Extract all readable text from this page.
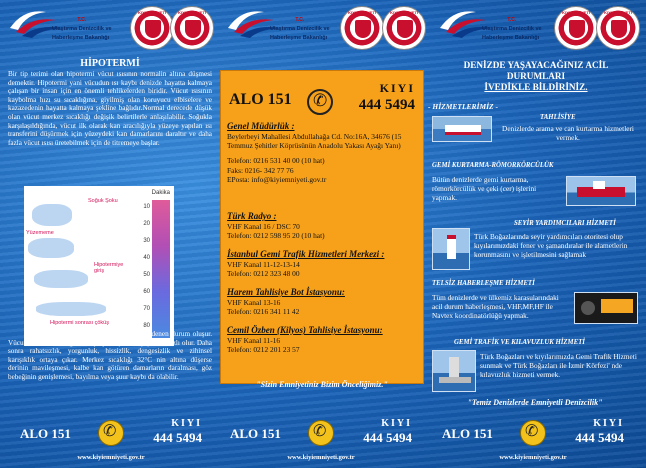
T.C.
Ulaştırma Denizcilik ve
Haberleşme Bakanlığı
KIYI EMNİYETİ	KIYI EMNİYETİ
T.C.
Ulaştırma Denizcilik ve
Haberleşme Bakanlığı
KIYI EMNİYETİ	KIYI EMNİYETİ
T.C.
Ulaştırma Denizcilik ve
Haberleşme Bakanlığı
KIYI EMNİYETİ	KIYI EMNİYETİ
HİPOTERMİ
Bir tip terimi olan hipotermi vücut ısısının normalin altına düşmesi demektir. Hipotermi yani vücudun ısı kaybı denizde hayatta kalmaya çalışan bir insan için en önemli tehlikelerden biridir. Vücut ısısının kaybolma hızı su sıcaklığına, giyilmiş olan koruyucu elbiselere ve kazazedenin hayatta kalmaya şekline bağlıdır.Normal derecede düşük olan vücut merkez sıcaklığı değişik belirtilerle anlaşılabilir. Soğukla karşılaşıldığında, vücut ilk olarak kan aracılığıyla yüzeye yapılan ısı transferini düşürmek için yüzeydeki kan damarlarını daraltır ve daha fazla vücut ısısı üretebilmek için de titremeye başlar.
Dakika
10
20
30
40
50
60
70
80
Soğuk Şoku
Yüzememe
Hipotermiye giriş
Hipotermi sonrası çöküş
Vücut merkez sıcaklığı düşerse hipotermi denen durum oluşur. Vücut merkez sıcaklığı 35°C ye yaklaşırsa düşüş daha hızlı olur. Daha sonra rahatsızlık, yorgunluk, hissizlik, dengesizlik ve zihinsel karışıklık ortaya çıkar. Merkez sıcaklığı 32°C nin altına düşerse derinin mavileşmesi, kalbe kan götüren damarların daralması, göz bebeğinin genişlemesi, bayılma veya şuur kaybı da olabilir.
ALO 151
✆
KIYI
444 5494
Genel Müdürlük :
Beylerbeyi Mahallesi Abdullahağa Cd. No:16A, 34676 (15 Temmuz Şehitler Köprüsünün Anadolu Yakası Ayağı Yanı)
Telefon: 0216 531 40 00 (10 hat)
Faks: 0216- 342 77 76
EPosta: info@kiyiemniyeti.gov.tr
Türk Radyo :
VHF Kanal 16 / DSC 70
Telefon: 0212 598 95 20 (10 hat)
İstanbul Gemi Trafik Hizmetleri Merkezi :
VHF Kanal 11-12-13-14
Telefon: 0212 323 48 00
Harem Tahlisiye Bot İstasyonu:
VHF Kanal 13-16
Telefon: 0216 341 11 42
Cemil Özben (Kilyos) Tahlisiye İstasyonu:
VHF Kanal 11-16
Telefon: 0212 201 23 57
"Sizin Emniyetiniz Bizim Önceliğimiz."
DENİZDE YAŞAYACAĞINIZ ACİL
DURUMLARI
İVEDİKLE BİLDİRİNİZ.
- HİZMETLERİMİZ -
TAHLİSİYE
Denizlerde arama ve can kurtarma hizmetleri vermek.
GEMİ KURTARMA-RÖMORKÖRCÜLÜK
Bütün denizlerde gemi kurtarma, römorkörcülük ve çeki (cer) işlerini yapmak.
SEYİR YARDIMCILARI HİZMETİ
Türk Boğazlarında seyir yardımcıları otoritesi olup kıyılarımızdaki fener ve şamandıralar ile alametlerin korunmasını ve işletilmesini sağlamak
TELSİZ HABERLEŞME HİZMETİ
Tüm denizlerde ve ülkemiz karasularındaki acil durum haberleşmesi, VHF,MF,HF ile Navtex koordinatörlüğü yapmak.
GEMİ TRAFİK VE KILAVUZLUK HİZMETİ
Türk Boğazları ve kıyılarımızda Gemi Trafik Hizmeti sunmak ve Türk Boğazları ile İzmir Körfezi' nde kılavuzluk hizmeti vermek.
"Temiz Denizlerde Emniyetli Denizcilik"
ALO 151
✆
KIYI
444 5494
www.kiyiemniyeti.gov.tr
ALO 151
✆
KIYI
444 5494
www.kiyiemniyeti.gov.tr
ALO 151
✆
KIYI
444 5494
www.kiyiemniyeti.gov.tr
